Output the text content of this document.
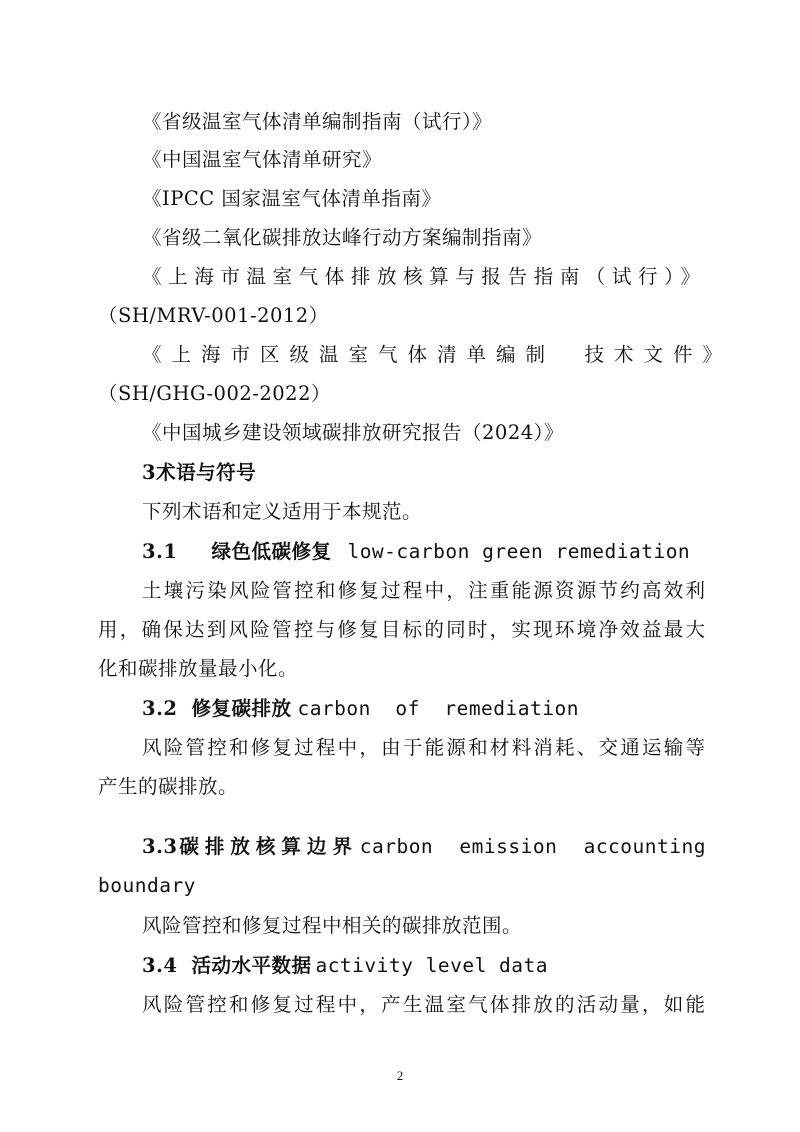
《省级温室气体清单编制指南（试行）》
《中国温室气体清单研究》
《IPCC 国家温室气体清单指南》
《省级二氧化碳排放达峰行动方案编制指南》
《上海市温室气体排放核算与报告指南（试行）》
（SH/MRV-001-2012）
《上海市区级温室气体清单编制　技术文件》
（SH/GHG-002-2022）
《中国城乡建设领域碳排放研究报告（2024）》
3术语与符号
下列术语和定义适用于本规范。
3.1 绿色低碳修复 low-carbon green remediation
土壤污染风险管控和修复过程中，注重能源资源节约高效利
用，确保达到风险管控与修复目标的同时，实现环境净效益最大
化和碳排放量最小化。
3.2 修复碳排放 carbon  of  remediation
风险管控和修复过程中，由于能源和材料消耗、交通运输等
产生的碳排放。
3.3 碳排放核算边界 carbon emission accounting
boundary
风险管控和修复过程中相关的碳排放范围。
3.4 活动水平数据 activity level data
风险管控和修复过程中，产生温室气体排放的活动量，如能
2
